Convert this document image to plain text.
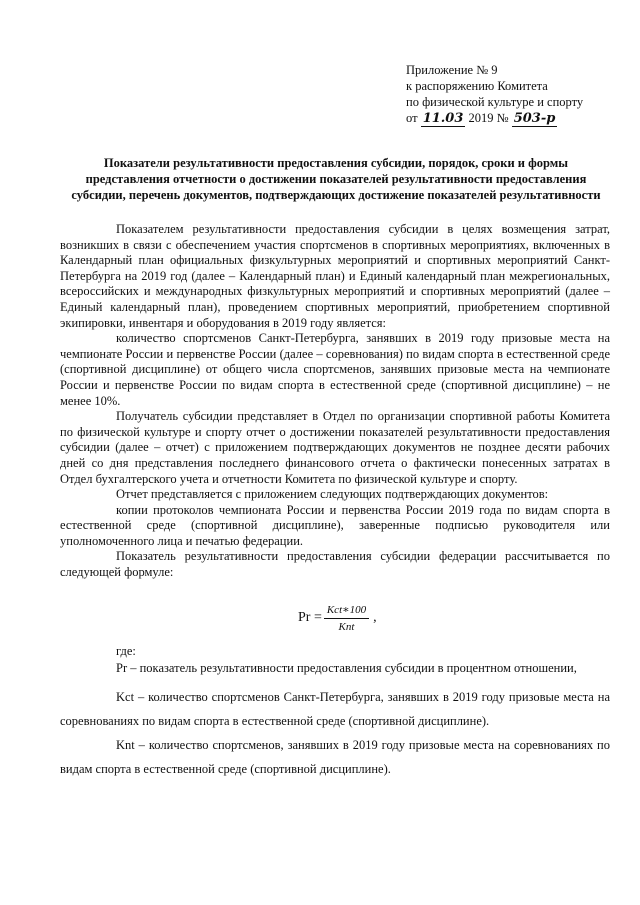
Приложение № 9
к распоряжению Комитета
по физической культуре и спорту
от 11.03 2019 № 503-р
Показатели результативности предоставления субсидии, порядок, сроки и формы представления отчетности о достижении показателей результативности предоставления субсидии, перечень документов, подтверждающих достижение показателей результативности

Показателем результативности предоставления субсидии в целях возмещения затрат, возникших в связи с обеспечением участия спортсменов в спортивных мероприятиях, включенных в Календарный план официальных физкультурных мероприятий и спортивных мероприятий Санкт-Петербурга на 2019 год (далее – Календарный план) и Единый календарный план межрегиональных, всероссийских и международных физкультурных мероприятий и спортивных мероприятий (далее – Единый календарный план), проведением спортивных мероприятий, приобретением спортивной экипировки, инвентаря и оборудования в 2019 году является:

количество спортсменов Санкт-Петербурга, занявших в 2019 году призовые места на чемпионате России и первенстве России (далее – соревнования) по видам спорта в естественной среде (спортивной дисциплине) от общего числа спортсменов, занявших призовые места на чемпионате России и первенстве России по видам спорта в естественной среде (спортивной дисциплине) – не менее 10%.

Получатель субсидии представляет в Отдел по организации спортивной работы Комитета по физической культуре и спорту отчет о достижении показателей результативности предоставления субсидии (далее – отчет) с приложением подтверждающих документов не позднее десяти рабочих дней со дня представления последнего финансового отчета о фактически понесенных затратах в Отдел бухгалтерского учета и отчетности Комитета по физической культуре и спорту.

Отчет представляется с приложением следующих подтверждающих документов:

копии протоколов чемпионата России и первенства России 2019 года по видам спорта в естественной среде (спортивной дисциплине), заверенные подписью руководителя или уполномоченного лица и печатью федерации.

Показатель результативности предоставления субсидии федерации рассчитывается по следующей формуле:

$Pr = \frac{\text{Kct∗100}}{\text{Knt}}$ ,
где:
Pr – показатель результативности предоставления субсидии в процентном отношении,
Kct – количество спортсменов Санкт-Петербурга, занявших в 2019 году призовые места на соревнованиях по видам спорта в естественной среде (спортивной дисциплине).
Knt – количество спортсменов, занявших в 2019 году призовые места на соревнованиях по видам спорта в естественной среде (спортивной дисциплине).
